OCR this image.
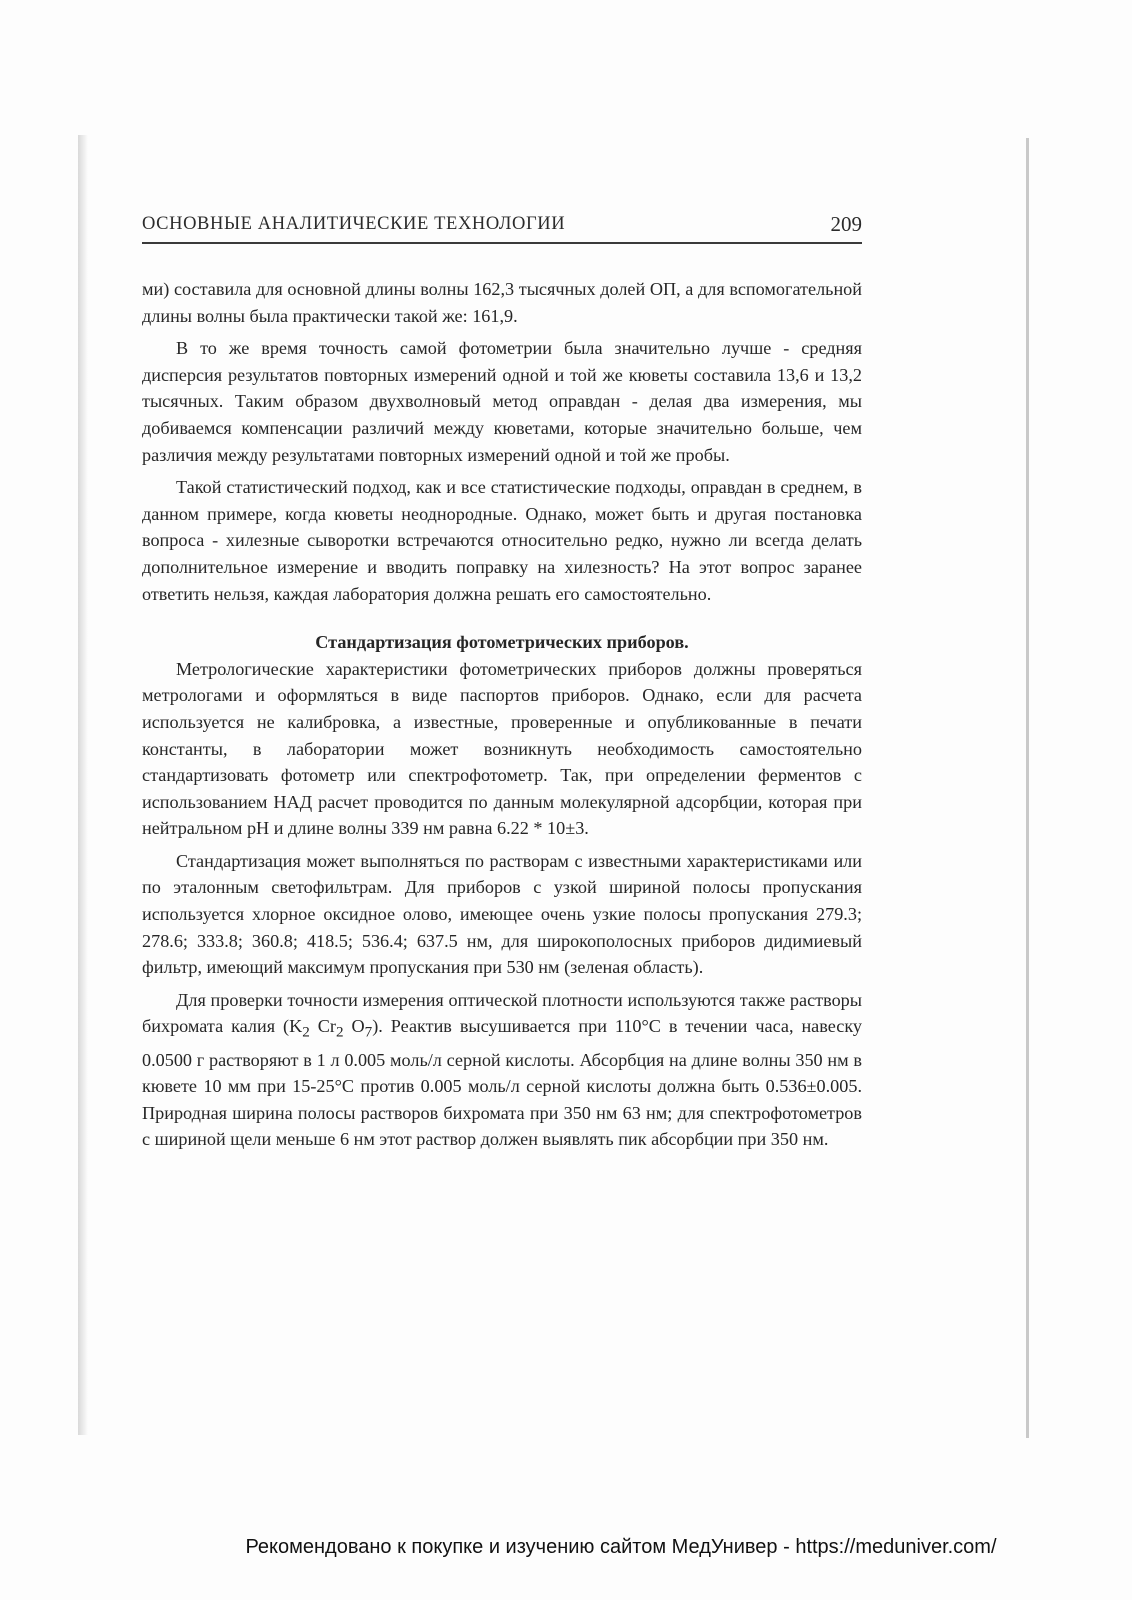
ОСНОВНЫЕ АНАЛИТИЧЕСКИЕ ТЕХНОЛОГИИ	209

ми) составила для основной длины волны 162,3 тысячных долей ОП, а для вспомогательной длины волны была практически такой же: 161,9.

В то же время точность самой фотометрии была значительно лучше - средняя дисперсия результатов повторных измерений одной и той же кюветы составила 13,6 и 13,2 тысячных. Таким образом двухволновый метод оправдан - делая два измерения, мы добиваемся компенсации различий между кюветами, которые значительно больше, чем различия между результатами повторных измерений одной и той же пробы.

Такой статистический подход, как и все статистические подходы, оправдан в среднем, в данном примере, когда кюветы неоднородные. Однако, может быть и другая постановка вопроса - хилезные сыворотки встречаются относительно редко, нужно ли всегда делать дополнительное измерение и вводить поправку на хилезность? На этот вопрос заранее ответить нельзя, каждая лаборатория должна решать его самостоятельно.

Стандартизация фотометрических приборов.

Метрологические характеристики фотометрических приборов должны проверяться метрологами и оформляться в виде паспортов приборов. Однако, если для расчета используется не калибровка, а известные, проверенные и опубликованные в печати константы, в лаборатории может возникнуть необходимость самостоятельно стандартизовать фотометр или спектрофотометр. Так, при определении ферментов с использованием НАД расчет проводится по данным молекулярной адсорбции, которая при нейтральном pH и длине волны 339 нм равна 6.22 * 10±3.

Стандартизация может выполняться по растворам с известными характеристиками или по эталонным светофильтрам. Для приборов с узкой шириной полосы пропускания используется хлорное оксидное олово, имеющее очень узкие полосы пропускания 279.3; 278.6; 333.8; 360.8; 418.5; 536.4; 637.5 нм, для широкополосных приборов дидимиевый фильтр, имеющий максимум пропускания при 530 нм (зеленая область).

Для проверки точности измерения оптической плотности используются также растворы бихромата калия ($K_2$ $Cr_2$ $O_7$). Реактив высушивается при 110°С в течении часа, навеску 0.0500 г растворяют в 1 л 0.005 моль/л серной кислоты. Абсорбция на длине волны 350 нм в кювете 10 мм при 15-25°С против 0.005 моль/л серной кислоты должна быть 0.536±0.005. Природная ширина полосы растворов бихромата при 350 нм 63 нм; для спектрофотометров с шириной щели меньше 6 нм этот раствор должен выявлять пик абсорбции при 350 нм.

Рекомендовано к покупке и изучению сайтом МедУнивер - https://meduniver.com/
